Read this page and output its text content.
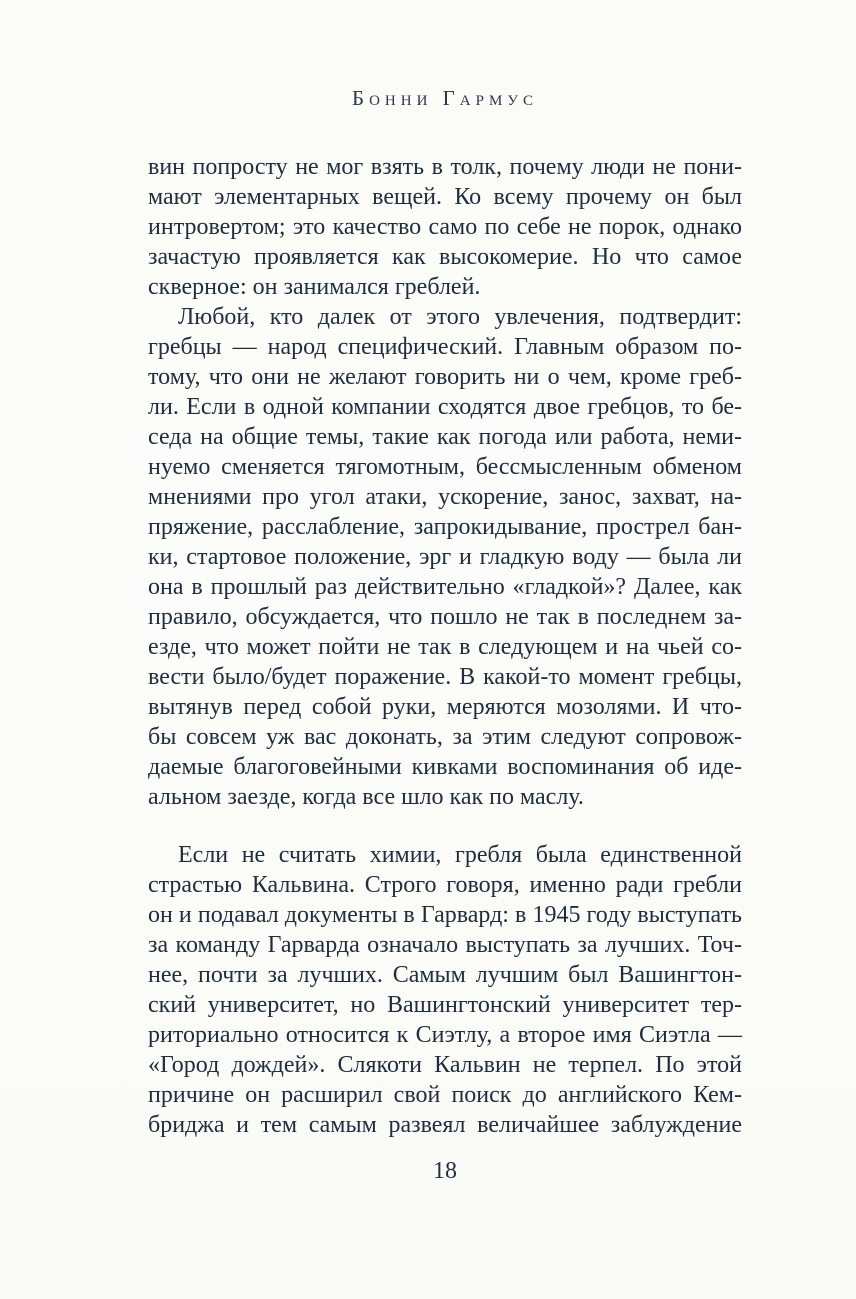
Бонни Гармус
вин попросту не мог взять в толк, почему люди не пони-
мают элементарных вещей. Ко всему прочему он был
интровертом; это качество само по себе не порок, однако
зачастую проявляется как высокомерие. Но что самое
скверное: он занимался греблей.
Любой, кто далек от этого увлечения, подтвердит:
гребцы — народ специфический. Главным образом по-
тому, что они не желают говорить ни о чем, кроме греб-
ли. Если в одной компании сходятся двое гребцов, то бе-
седа на общие темы, такие как погода или работа, неми-
нуемо сменяется тягомотным, бессмысленным обменом
мнениями про угол атаки, ускорение, занос, захват, на-
пряжение, расслабление, запрокидывание, прострел бан-
ки, стартовое положение, эрг и гладкую воду — была ли
она в прошлый раз действительно «гладкой»? Далее, как
правило, обсуждается, что пошло не так в последнем за-
езде, что может пойти не так в следующем и на чьей со-
вести было/будет поражение. В какой-то момент гребцы,
вытянув перед собой руки, меряются мозолями. И что-
бы совсем уж вас доконать, за этим следуют сопровож-
даемые благоговейными кивками воспоминания об иде-
альном заезде, когда все шло как по маслу.
Если не считать химии, гребля была единственной
страстью Кальвина. Строго говоря, именно ради гребли
он и подавал документы в Гарвард: в 1945 году выступать
за команду Гарварда означало выступать за лучших. Точ-
нее, почти за лучших. Самым лучшим был Вашингтон-
ский университет, но Вашингтонский университет тер-
риториально относится к Сиэтлу, а второе имя Сиэтла —
«Город дождей». Слякоти Кальвин не терпел. По этой
причине он расширил свой поиск до английского Кем-
бриджа и тем самым развеял величайшее заблуждение
18
